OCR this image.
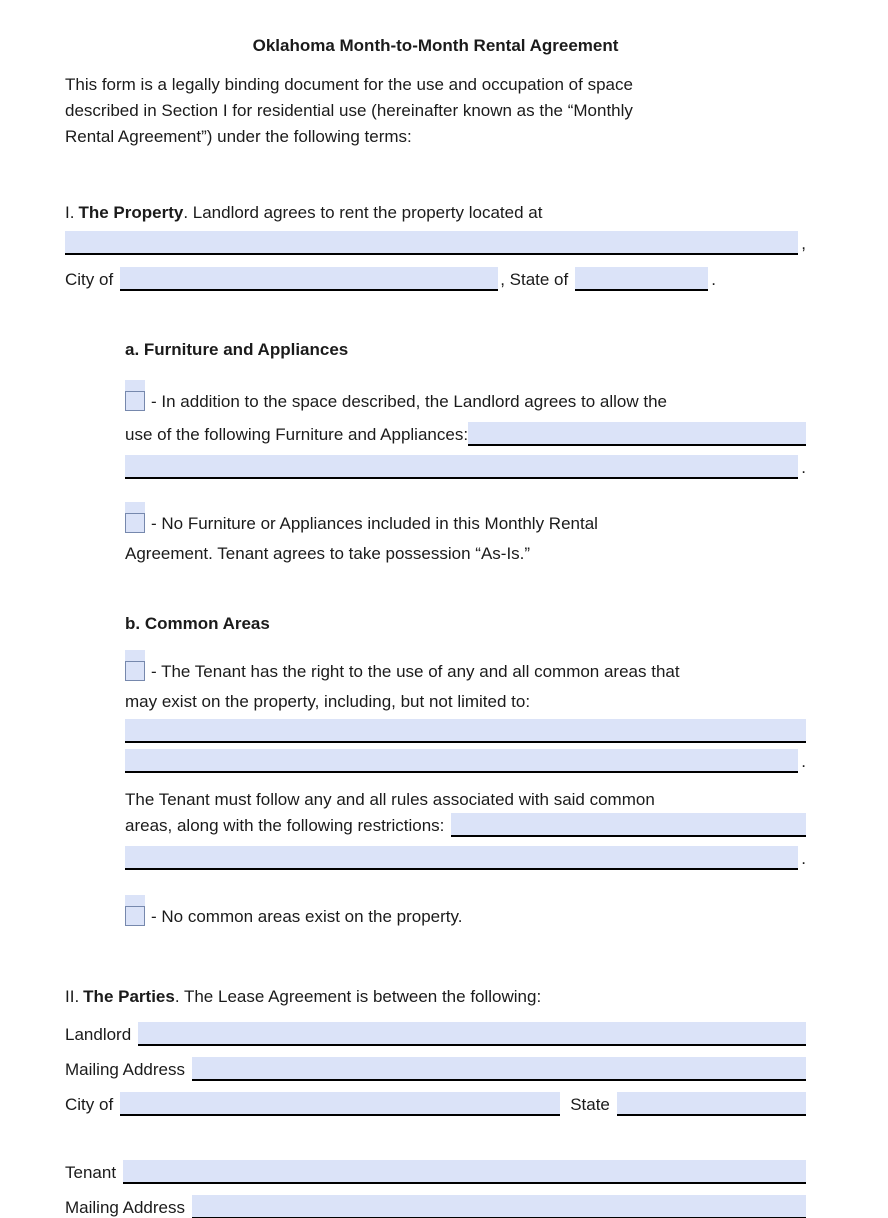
Oklahoma Month-to-Month Rental Agreement
This form is a legally binding document for the use and occupation of space
described in Section I for residential use (hereinafter known as the “Monthly
Rental Agreement”) under the following terms:
I. The Property. Landlord agrees to rent the property located at
,
City of	, State of	.
a. Furniture and Appliances
- In addition to the space described, the Landlord agrees to allow the
use of the following Furniture and Appliances:
.
- No Furniture or Appliances included in this Monthly Rental
Agreement. Tenant agrees to take possession “As-Is.”
b. Common Areas
- The Tenant has the right to the use of any and all common areas that
may exist on the property, including, but not limited to:
.
The Tenant must follow any and all rules associated with said common
areas, along with the following restrictions:
.
- No common areas exist on the property.
II. The Parties. The Lease Agreement is between the following:
Landlord
Mailing Address
City of	State
Tenant
Mailing Address
